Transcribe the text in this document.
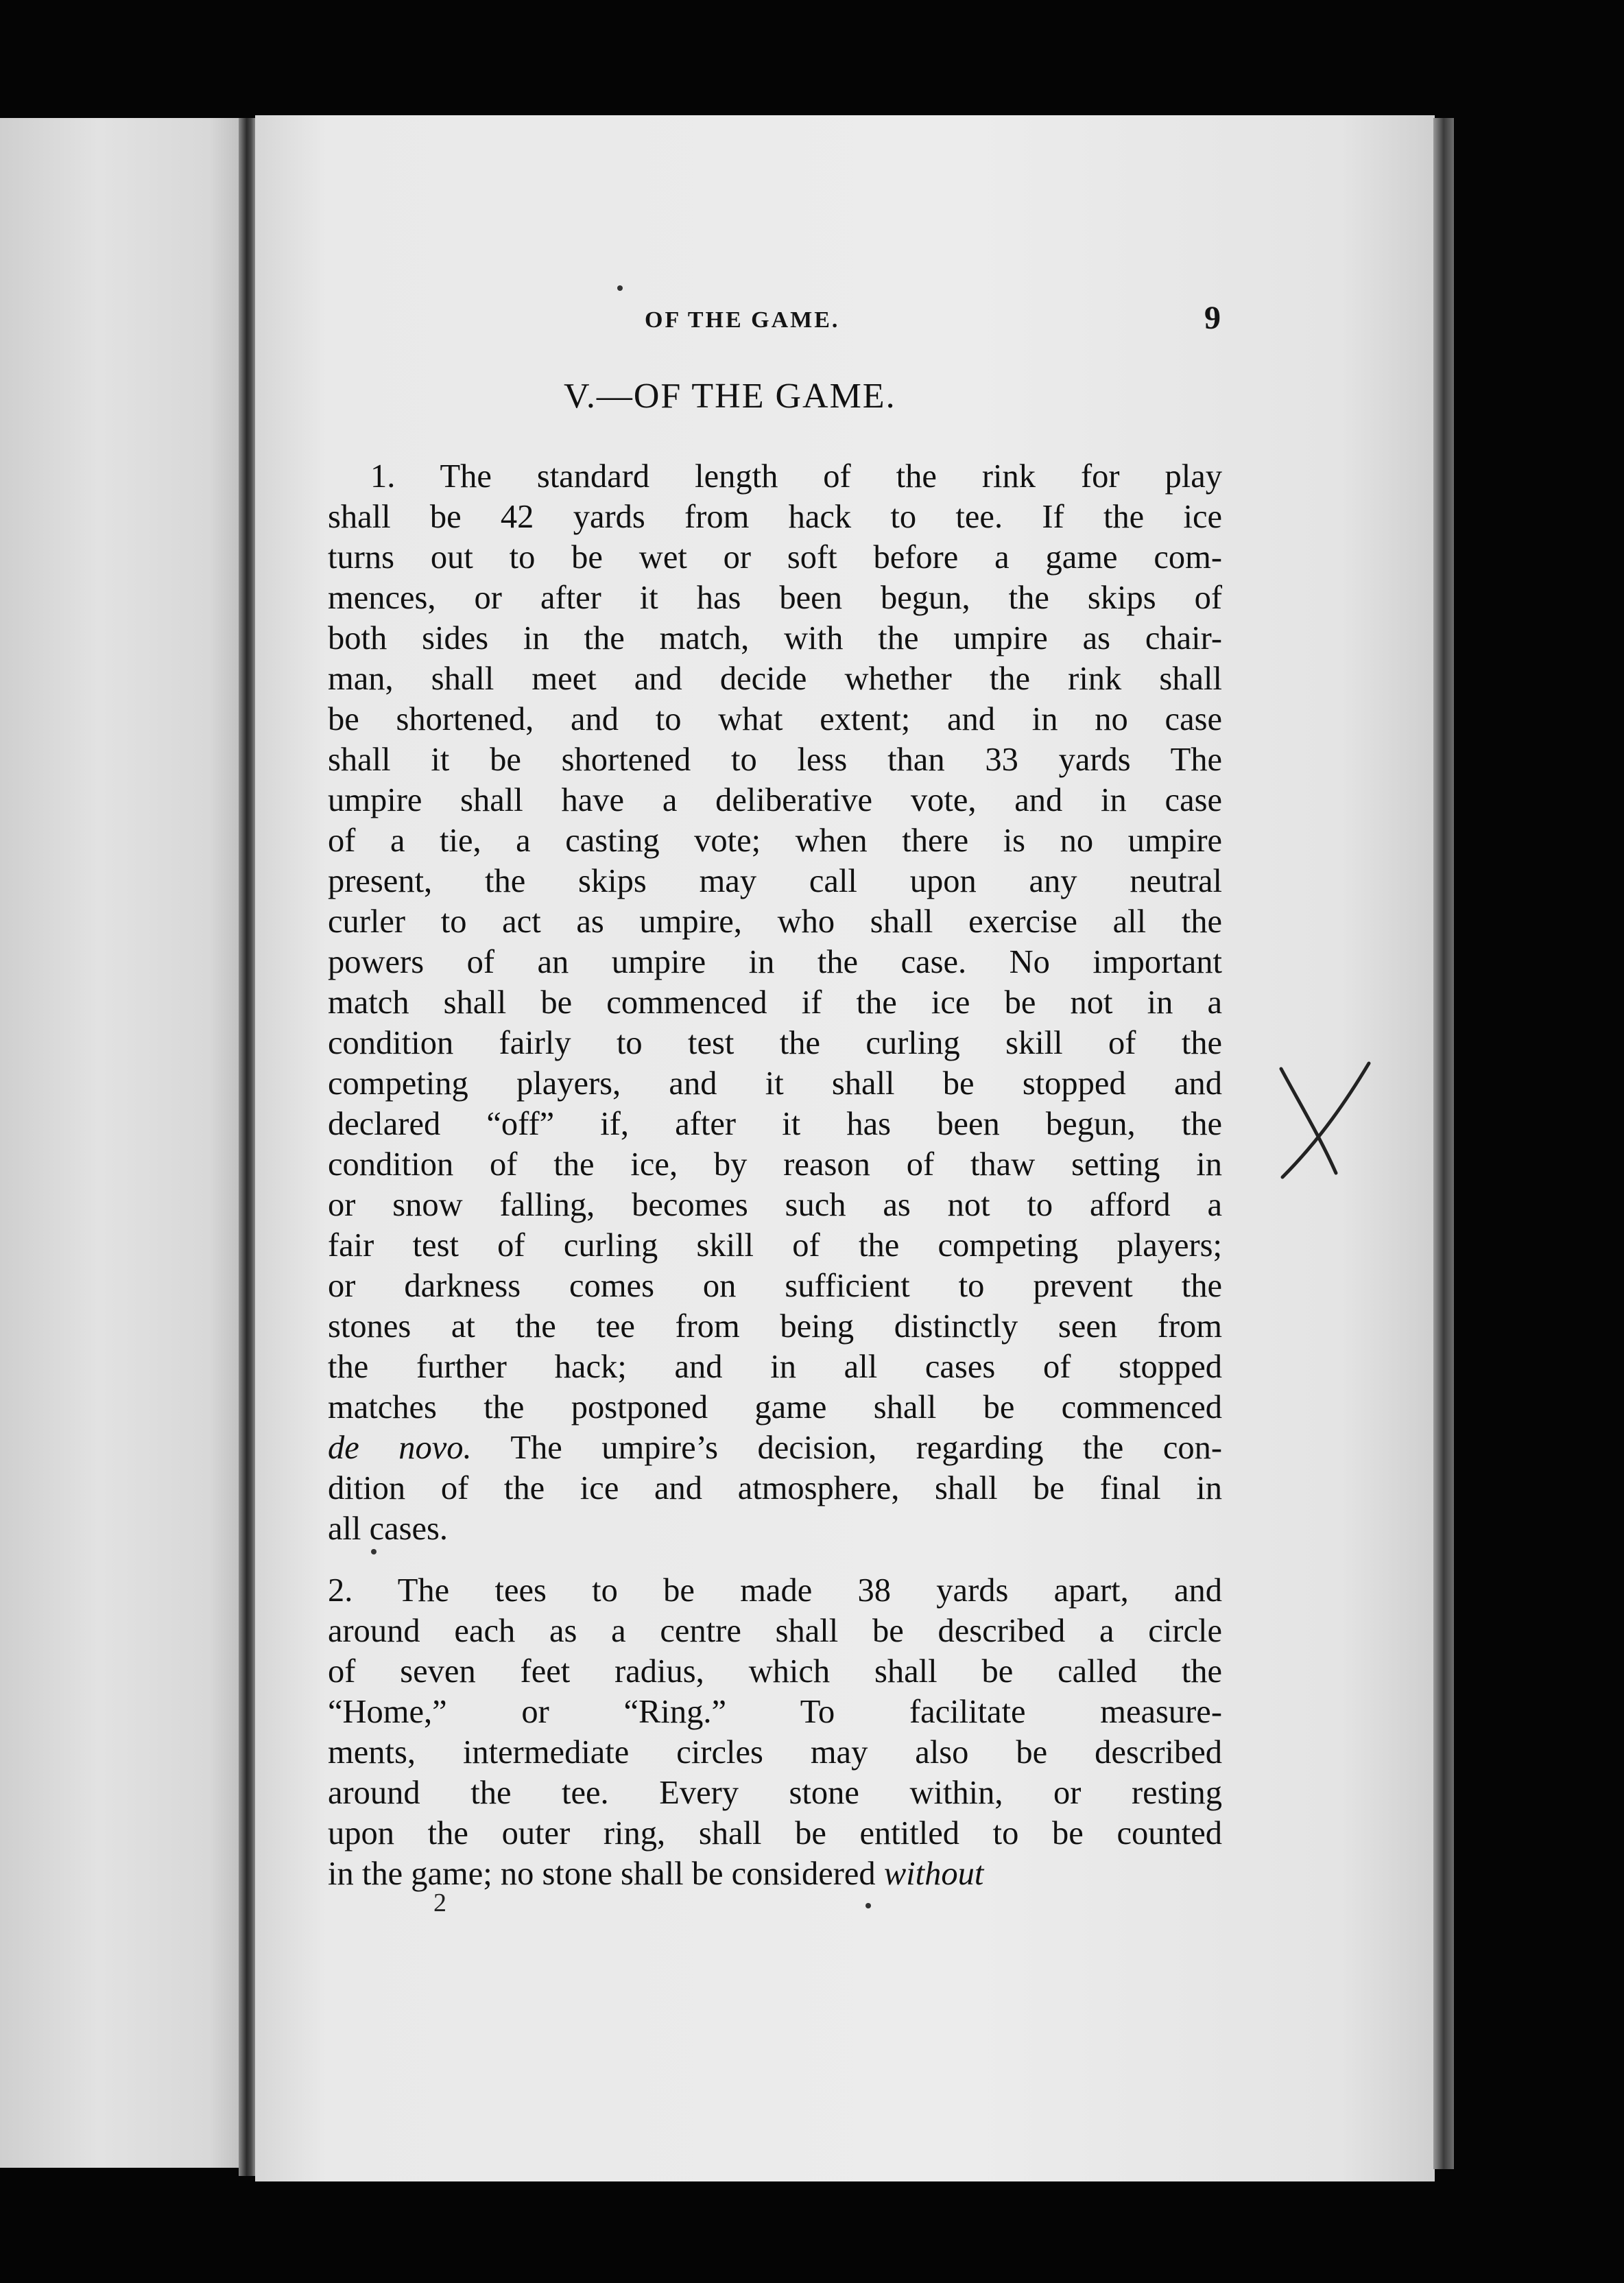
OF THE GAME.	9
V.—OF THE GAME.
1. The standard length of the rink for play
shall be 42 yards from hack to tee. If the ice
turns out to be wet or soft before a game com-
mences, or after it has been begun, the skips of
both sides in the match, with the umpire as chair-
man, shall meet and decide whether the rink shall
be shortened, and to what extent; and in no case
shall it be shortened to less than 33 yards The
umpire shall have a deliberative vote, and in case
of a tie, a casting vote; when there is no umpire
present, the skips may call upon any neutral
curler to act as umpire, who shall exercise all the
powers of an umpire in the case. No important
match shall be commenced if the ice be not in a
condition fairly to test the curling skill of the
competing players, and it shall be stopped and
declared “off” if, after it has been begun, the
condition of the ice, by reason of thaw setting in
or snow falling, becomes such as not to afford a
fair test of curling skill of the competing players;
or darkness comes on sufficient to prevent the
stones at the tee from being distinctly seen from
the further hack; and in all cases of stopped
matches the postponed game shall be commenced
de novo. The umpire’s decision, regarding the con-
dition of the ice and atmosphere, shall be final in
all cases.
2. The tees to be made 38 yards apart, and
around each as a centre shall be described a circle
of seven feet radius, which shall be called the
“Home,” or “Ring.” To facilitate measure-
ments, intermediate circles may also be described
around the tee. Every stone within, or resting
upon the outer ring, shall be entitled to be counted
in the game; no stone shall be considered without
2
